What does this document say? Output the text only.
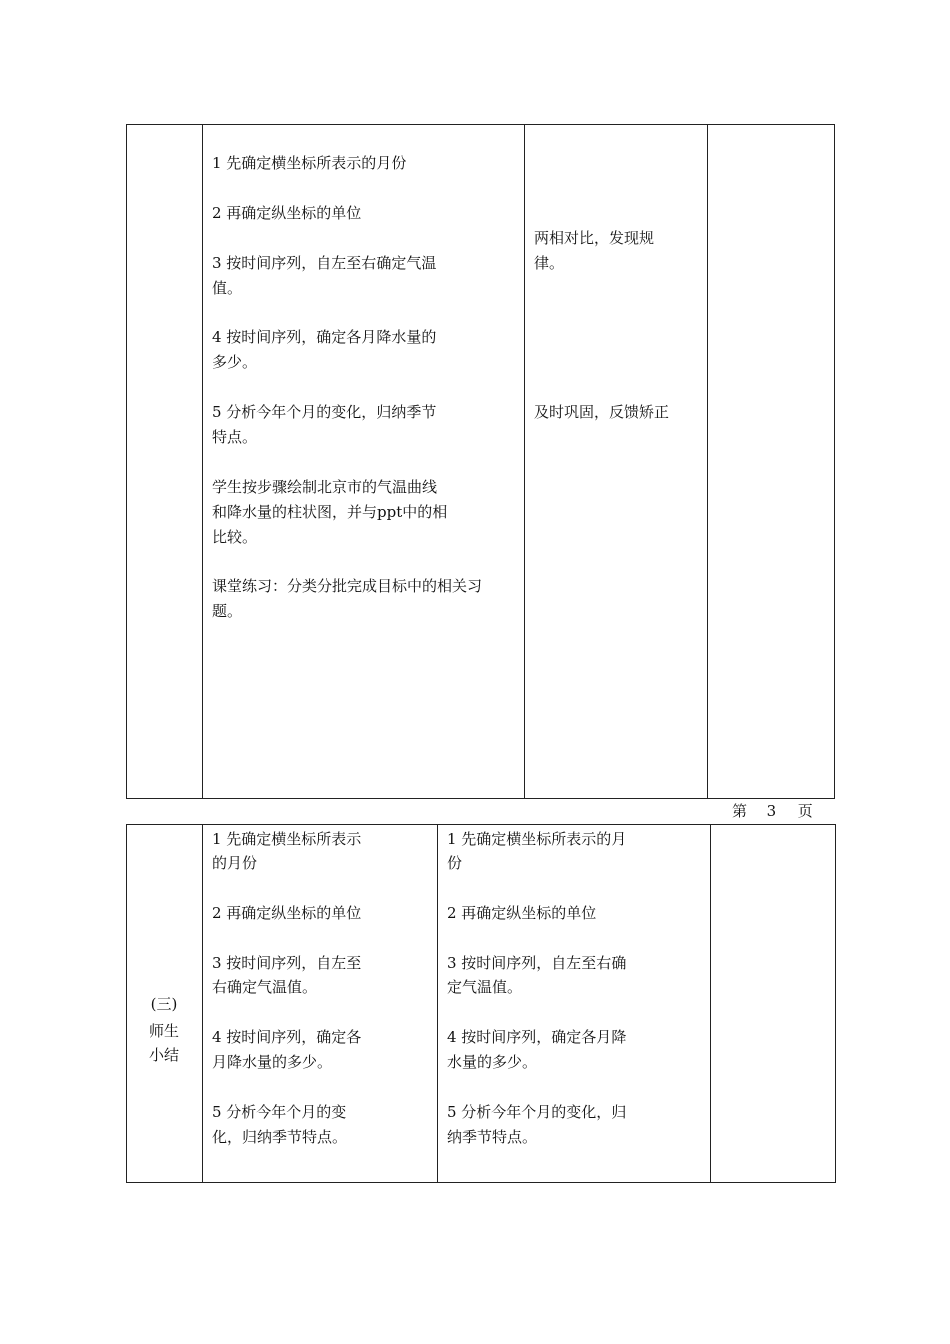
1 先确定横坐标所表示的月份
2 再确定纵坐标的单位
3 按时间序列，自左至右确定气温
值。
4 按时间序列，确定各月降水量的
多少。
5 分析今年个月的变化，归纳季节
特点。
学生按步骤绘制北京市的气温曲线
和降水量的柱状图，并与ppt中的相
比较。
课堂练习：分类分批完成目标中的相关习
题。

两相对比，发现规
律。
及时巩固，反馈矫正

第 3 页
(三)
师生
小结

1 先确定横坐标所表示
的月份
2 再确定纵坐标的单位
3 按时间序列，自左至
右确定气温值。
4 按时间序列，确定各
月降水量的多少。
5 分析今年个月的变
化，归纳季节特点。

1 先确定横坐标所表示的月
份
2 再确定纵坐标的单位
3 按时间序列，自左至右确
定气温值。
4 按时间序列，确定各月降
水量的多少。
5 分析今年个月的变化，归
纳季节特点。
